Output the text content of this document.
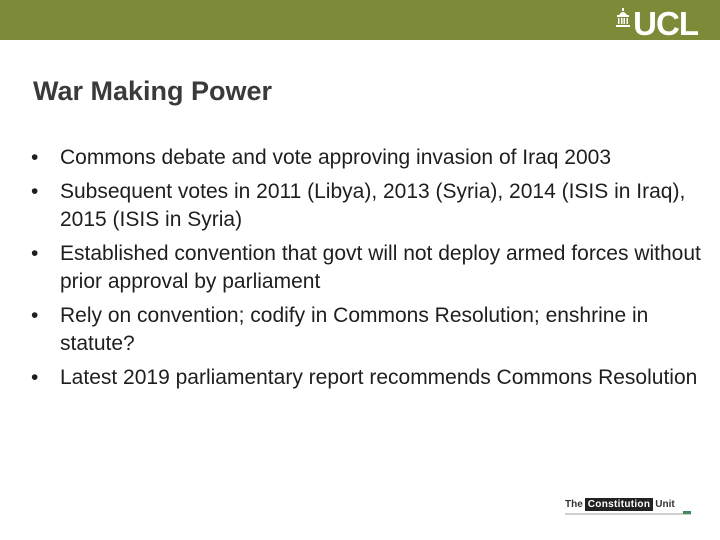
UCL
War Making Power
•	Commons debate and vote approving invasion of Iraq 2003
•	Subsequent votes in 2011 (Libya), 2013 (Syria), 2014 (ISIS in Iraq), 2015 (ISIS in Syria)
•	Established convention that govt will not deploy armed forces without prior approval by parliament
•	Rely on convention; codify in Commons Resolution; enshrine in statute?
•	Latest 2019 parliamentary report recommends Commons Resolution
The Constitution Unit
